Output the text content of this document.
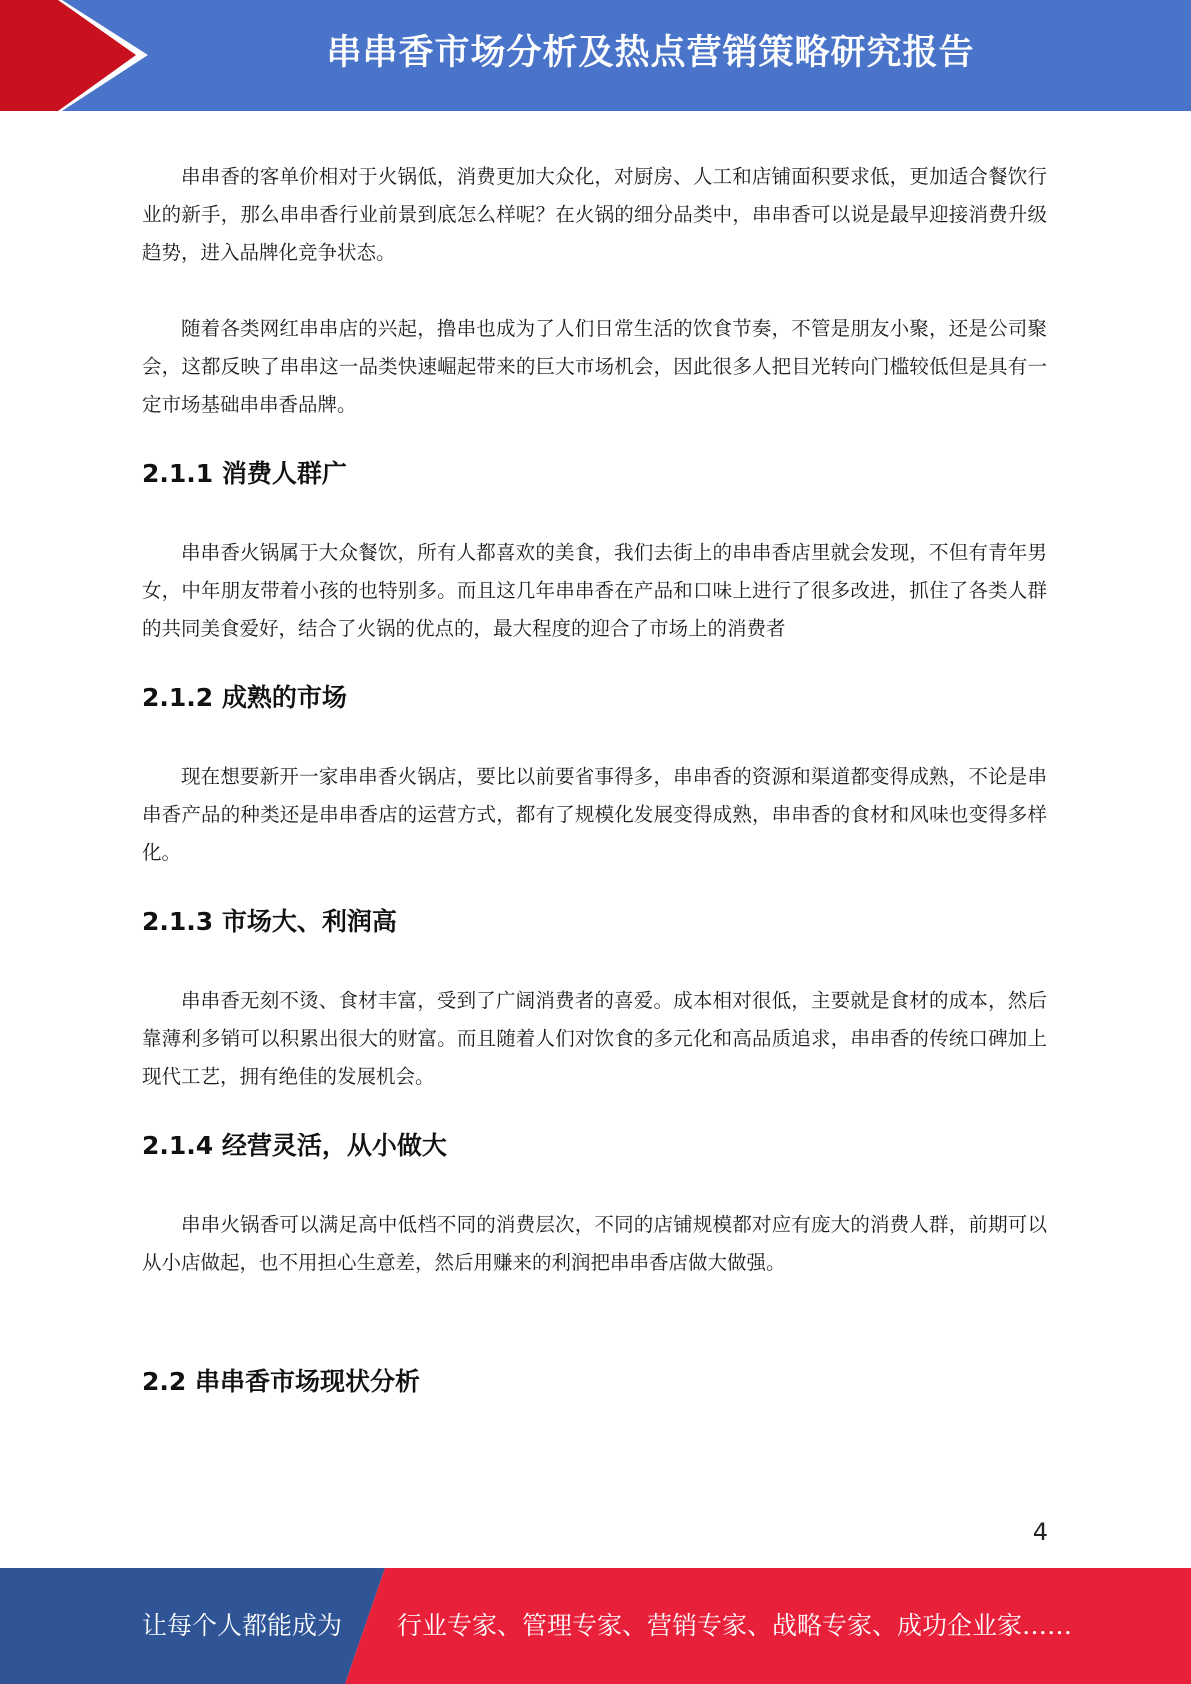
串串香市场分析及热点营销策略研究报告

串串香的客单价相对于火锅低，消费更加大众化，对厨房、人工和店铺面积要求低，更加适合餐饮行业的新手，那么串串香行业前景到底怎么样呢？在火锅的细分品类中，串串香可以说是最早迎接消费升级趋势，进入品牌化竞争状态。

随着各类网红串串店的兴起，撸串也成为了人们日常生活的饮食节奏，不管是朋友小聚，还是公司聚会，这都反映了串串这一品类快速崛起带来的巨大市场机会，因此很多人把目光转向门槛较低但是具有一定市场基础串串香品牌。

2.1.1 消费人群广

串串香火锅属于大众餐饮，所有人都喜欢的美食，我们去街上的串串香店里就会发现，不但有青年男女，中年朋友带着小孩的也特别多。而且这几年串串香在产品和口味上进行了很多改进，抓住了各类人群的共同美食爱好，结合了火锅的优点的，最大程度的迎合了市场上的消费者

2.1.2 成熟的市场

现在想要新开一家串串香火锅店，要比以前要省事得多，串串香的资源和渠道都变得成熟，不论是串串香产品的种类还是串串香店的运营方式，都有了规模化发展变得成熟，串串香的食材和风味也变得多样化。

2.1.3 市场大、利润高

串串香无刻不烫、食材丰富，受到了广阔消费者的喜爱。成本相对很低，主要就是食材的成本，然后靠薄利多销可以积累出很大的财富。而且随着人们对饮食的多元化和高品质追求，串串香的传统口碑加上现代工艺，拥有绝佳的发展机会。

2.1.4 经营灵活，从小做大

串串火锅香可以满足高中低档不同的消费层次，不同的店铺规模都对应有庞大的消费人群，前期可以从小店做起，也不用担心生意差，然后用赚来的利润把串串香店做大做强。

2.2 串串香市场现状分析
4
让每个人都能成为 行业专家、管理专家、营销专家、战略专家、成功企业家……
